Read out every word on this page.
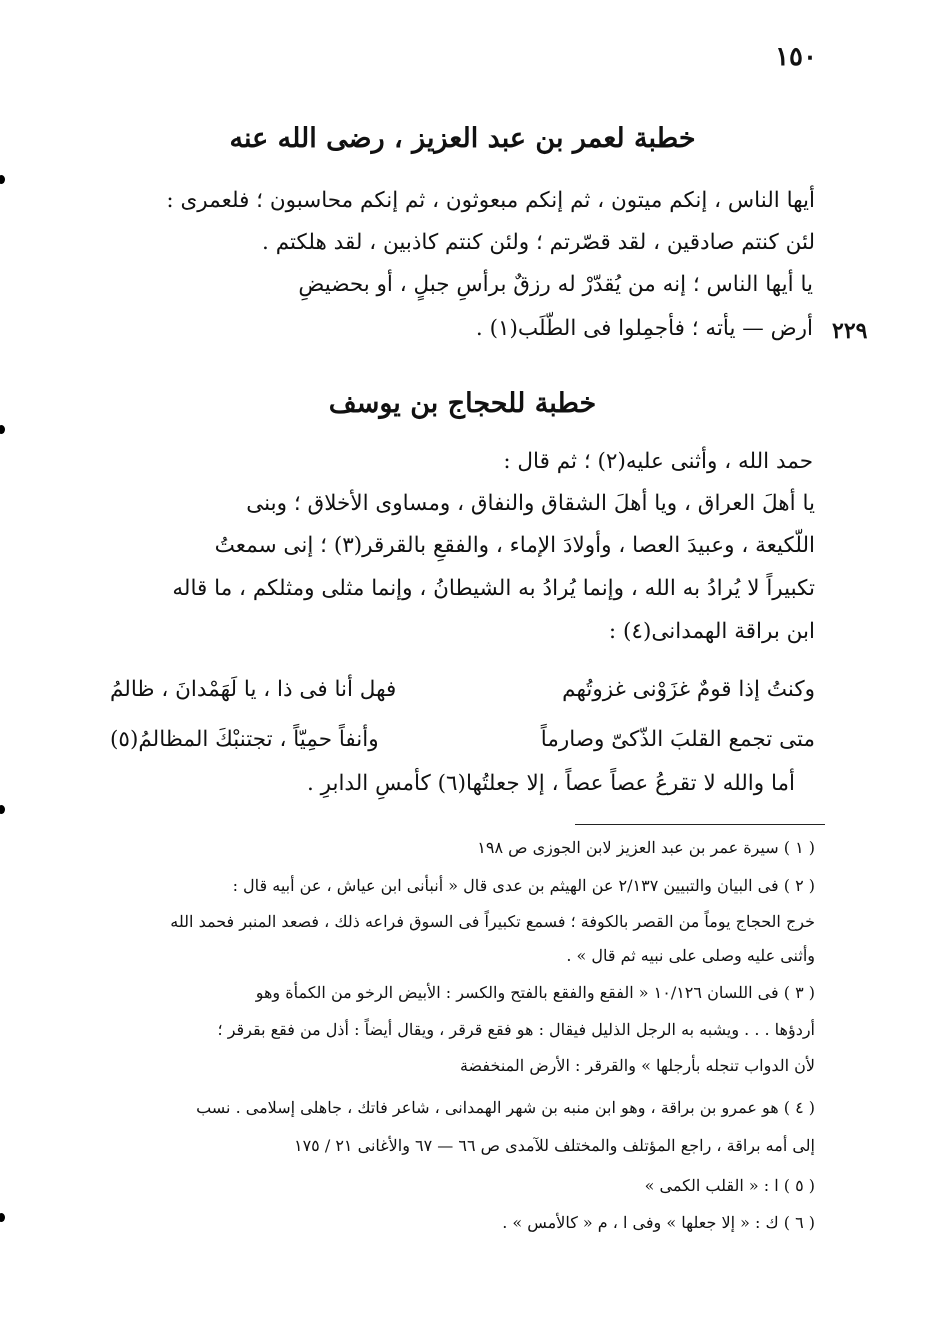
١٥٠
خطبة لعمر بن عبد العزيز ، رضى الله عنه
أيها الناس ، إنكم ميتون ، ثم إنكم مبعوثون ، ثم إنكم محاسبون ؛ فلعمرى :
لئن كنتم صادقين ، لقد قصّرتم ؛ ولئن كنتم كاذبين ، لقد هلكتم .
يا أيها الناس ؛ إنه من يُقدّرْ له رزقٌ برأسِ جبلٍ ، أو بحضيضِ
أرض — يأته ؛ فأجمِلوا فى الطّلَب(١) . ٢٢٩
خطبة للحجاج بن يوسف
حمد الله ، وأثنى عليه(٢) ؛ ثم قال :
يا أهلَ العراق ، ويا أهلَ الشقاق والنفاق ، ومساوى الأخلاق ؛ وبنى
اللّكيعة ، وعبيدَ العصا ، وأولادَ الإماء ، والفقعِ بالقرقر(٣) ؛ إنى سمعتُ
تكبيراً لا يُرادُ به الله ، وإنما يُرادُ به الشيطانُ ، وإنما مثلى ومثلكم ، ما قاله
ابن براقة الهمدانى(٤) :
وكنتُ إذا قومٌ غزَوْنى غزوتُهم
فهل أنا فى ذا ، يا لَهَمْدانَ ، ظالمُ
متى تجمع القلبَ الذّكىّ وصارماً
وأنفاً حمِيّاً ، تجتنبْكَ المظالمُ(٥)
أما والله لا تقرعُ عصاً عصاً ، إلا جعلتُها(٦) كأمسِ الدابرِ .
( ١ ) سيرة عمر بن عبد العزيز لابن الجوزى ص ١٩٨
( ٢ ) فى البيان والتبيين ٢/١٣٧ عن الهيثم بن عدى قال « أنبأنى ابن عياش ، عن أبيه قال :
خرج الحجاج يوماً من القصر بالكوفة ؛ فسمع تكبيراً فى السوق فراعه ذلك ، فصعد المنبر فحمد الله
وأثنى عليه وصلى على نبيه ثم قال » .
( ٣ ) فى اللسان ١٠/١٢٦ « الفقع والفقع بالفتح والكسر : الأبيض الرخو من الكمأة وهو
أردؤها . . . ويشبه به الرجل الذليل فيقال : هو فقع قرقر ، ويقال أيضاً : أذل من فقع بقرقر ؛
لأن الدواب تنجله بأرجلها » والقرقر : الأرض المنخفضة
( ٤ ) هو عمرو بن براقة ، وهو ابن منبه بن شهر الهمدانى ، شاعر فاتك ، جاهلى إسلامى . نسب
إلى أمه براقة ، راجع المؤتلف والمختلف للآمدى ص ٦٦ — ٦٧ والأغانى ٢١ / ١٧٥
( ٥ ) ا : « القلب الكمى »
( ٦ ) ك : « إلا جعلها » وفى ا ، م « كالأمس » .
